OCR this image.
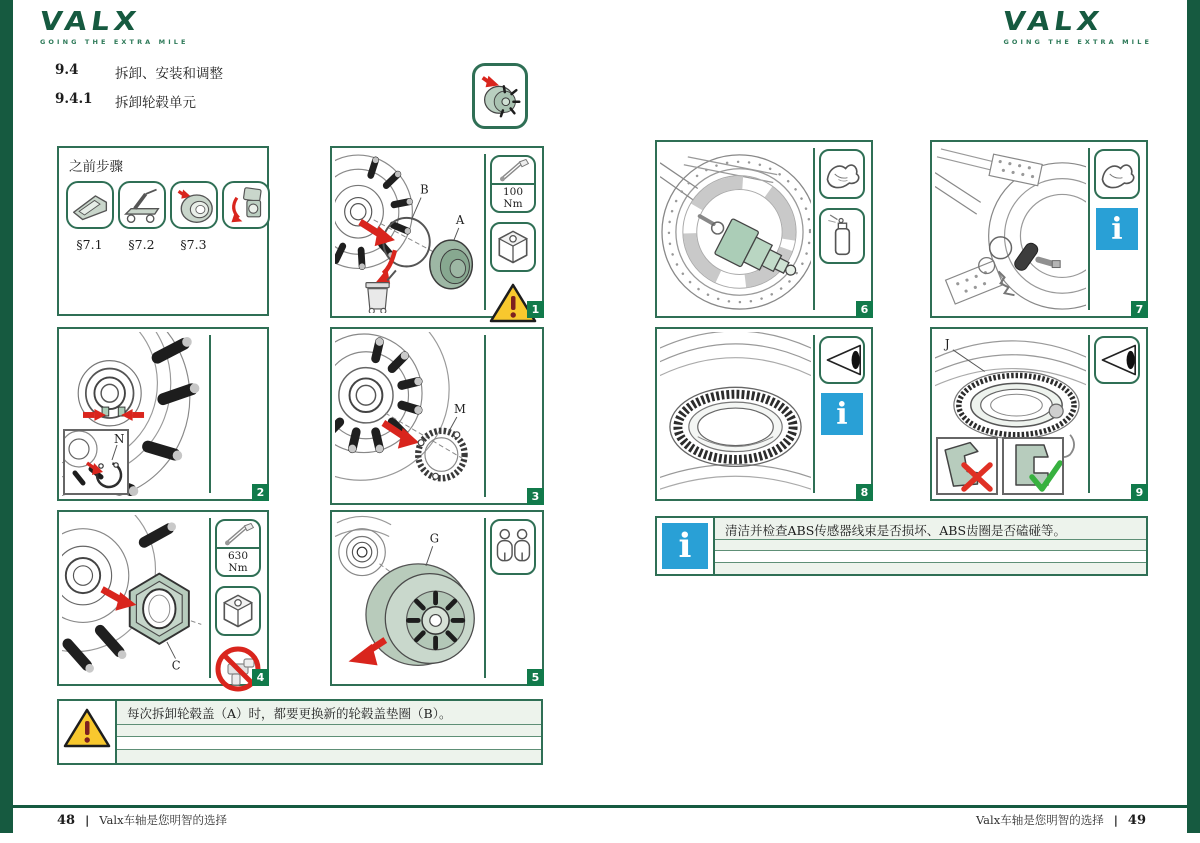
VALX
GOING THE EXTRA MILE
VALX
GOING THE EXTRA MILE
9.4	拆卸、安装和调整
9.4.1	拆卸轮毂单元
之前步骤
§7.1 §7.2 §7.3
B
A
100 Nm
1
N
2
M
3
C
630 Nm
4
G
5
6
i
7
i
8
J
9
i	清洁并检查ABS传感器线束是否损坏、ABS齿圈是否磕碰等。
每次拆卸轮毂盖（A）时，都要更换新的轮毂盖垫圈（B）。
48 | Valx车轴是您明智的选择	Valx车轴是您明智的选择 | 49
